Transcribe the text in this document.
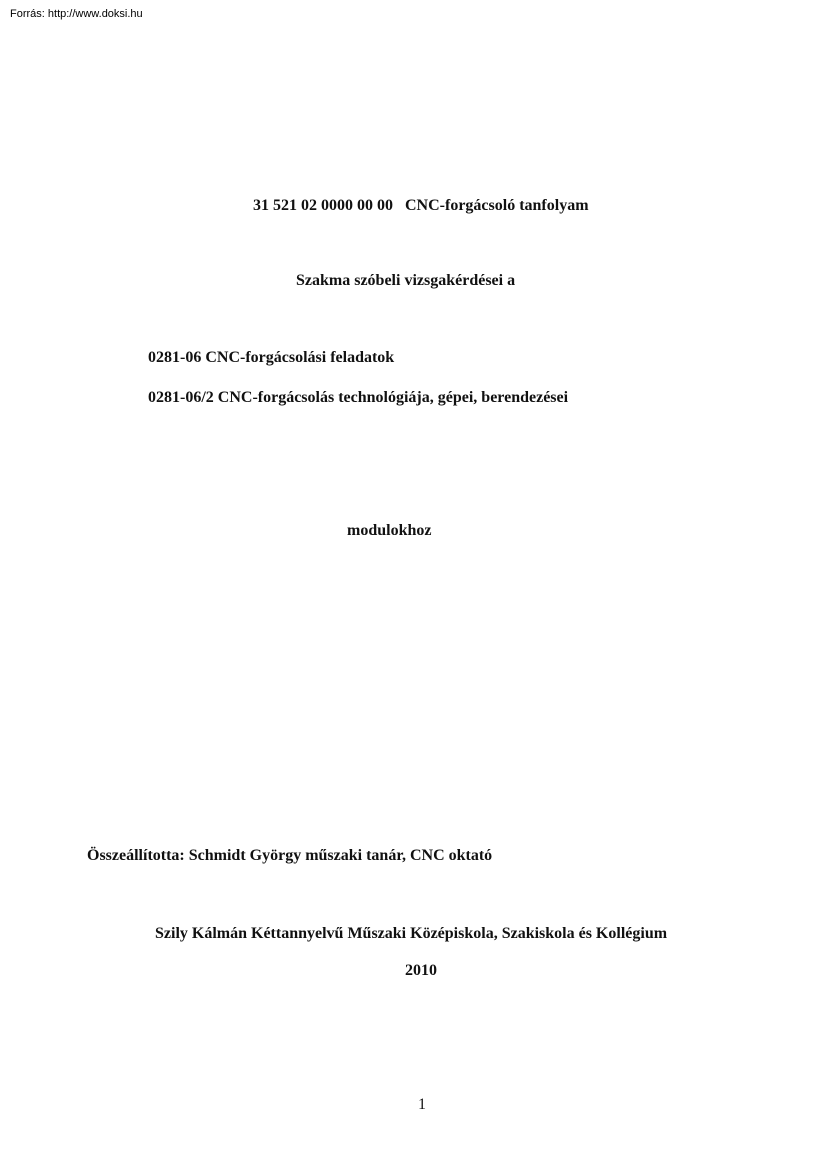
Forrás: http://www.doksi.hu
31 521 02 0000 00 00   CNC-forgácsoló tanfolyam
Szakma szóbeli vizsgakérdései a
0281-06 CNC-forgácsolási feladatok
0281-06/2 CNC-forgácsolás technológiája, gépei, berendezései
modulokhoz
Összeállította: Schmidt György műszaki tanár, CNC oktató
Szily Kálmán Kéttannyelvű Műszaki Középiskola, Szakiskola és Kollégium
2010
1
